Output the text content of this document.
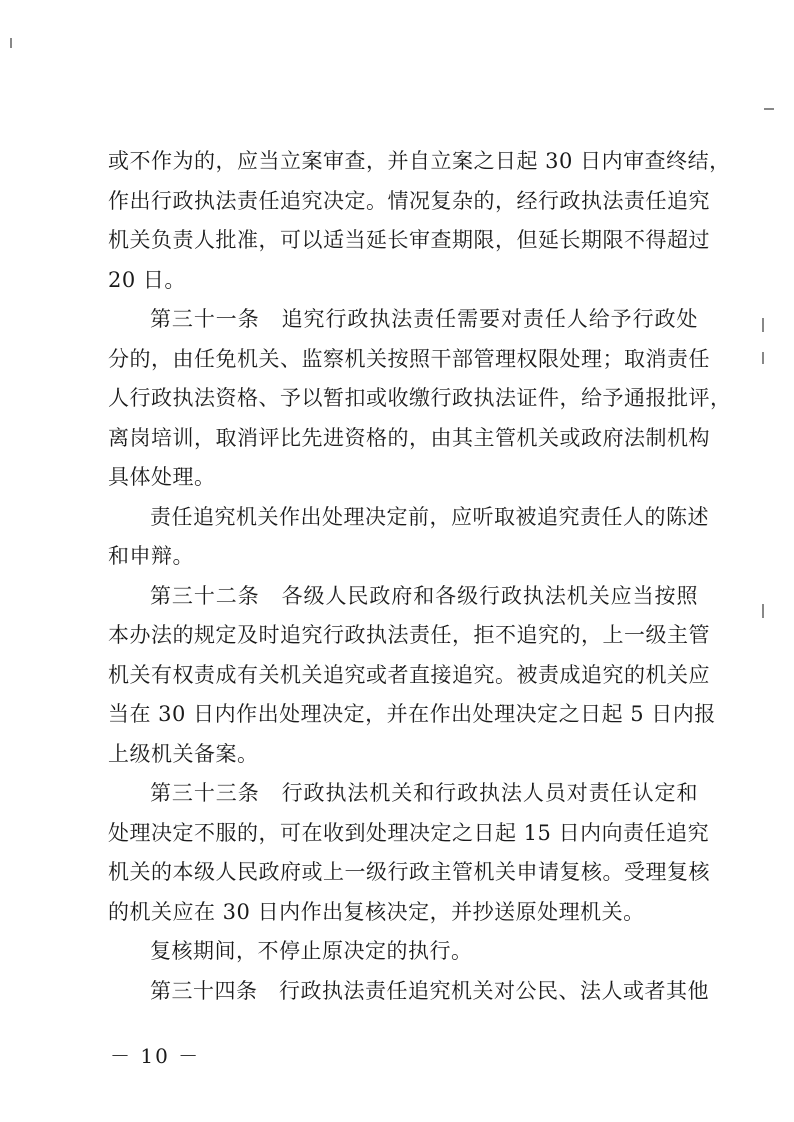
或不作为的，应当立案审查，并自立案之日起 30 日内审查终结，
作出行政执法责任追究决定。情况复杂的，经行政执法责任追究
机关负责人批准，可以适当延长审查期限，但延长期限不得超过
20 日。
第三十一条　追究行政执法责任需要对责任人给予行政处
分的，由任免机关、监察机关按照干部管理权限处理；取消责任
人行政执法资格、予以暂扣或收缴行政执法证件，给予通报批评，
离岗培训，取消评比先进资格的，由其主管机关或政府法制机构
具体处理。
责任追究机关作出处理决定前，应听取被追究责任人的陈述
和申辩。
第三十二条　各级人民政府和各级行政执法机关应当按照
本办法的规定及时追究行政执法责任，拒不追究的，上一级主管
机关有权责成有关机关追究或者直接追究。被责成追究的机关应
当在 30 日内作出处理决定，并在作出处理决定之日起 5 日内报
上级机关备案。
第三十三条　行政执法机关和行政执法人员对责任认定和
处理决定不服的，可在收到处理决定之日起 15 日内向责任追究
机关的本级人民政府或上一级行政主管机关申请复核。受理复核
的机关应在 30 日内作出复核决定，并抄送原处理机关。
复核期间，不停止原决定的执行。
第三十四条　行政执法责任追究机关对公民、法人或者其他
－ 10 －
